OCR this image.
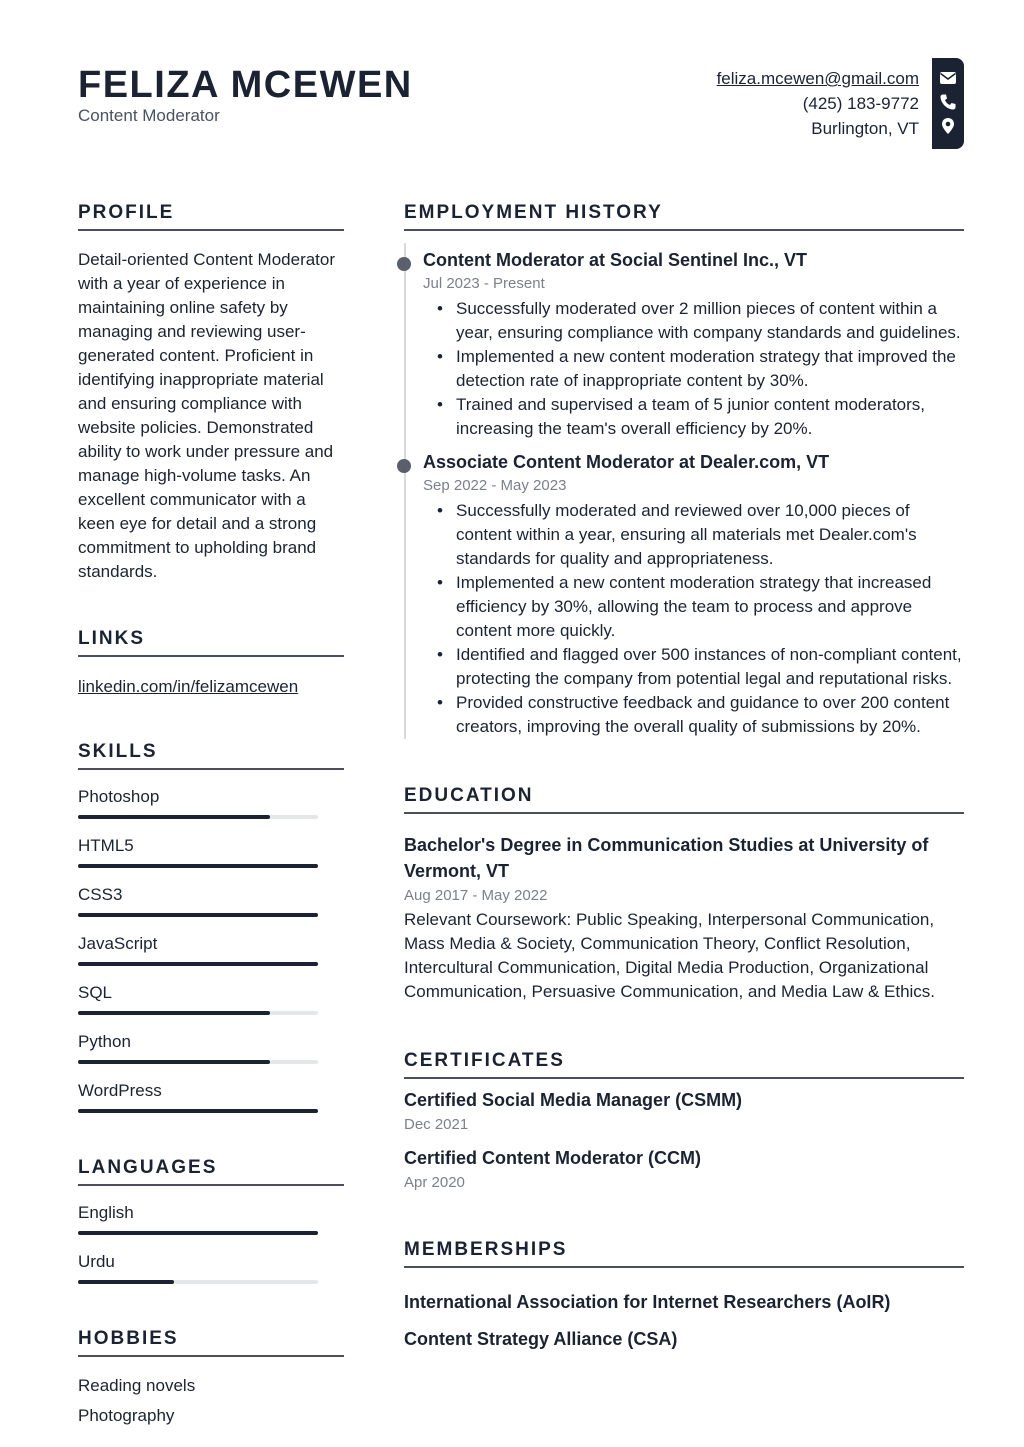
FELIZA MCEWEN
Content Moderator
feliza.mcewen@gmail.com
(425) 183-9772
Burlington, VT
PROFILE
Detail-oriented Content Moderator with a year of experience in maintaining online safety by managing and reviewing user-generated content. Proficient in identifying inappropriate material and ensuring compliance with website policies. Demonstrated ability to work under pressure and manage high-volume tasks. An excellent communicator with a keen eye for detail and a strong commitment to upholding brand standards.
LINKS
linkedin.com/in/felizamcewen
SKILLS
Photoshop
HTML5
CSS3
JavaScript
SQL
Python
WordPress
LANGUAGES
English
Urdu
HOBBIES
Reading novels
Photography
EMPLOYMENT HISTORY
Content Moderator at Social Sentinel Inc., VT
Jul 2023 - Present
• Successfully moderated over 2 million pieces of content within a year, ensuring compliance with company standards and guidelines.
• Implemented a new content moderation strategy that improved the detection rate of inappropriate content by 30%.
• Trained and supervised a team of 5 junior content moderators, increasing the team's overall efficiency by 20%.
Associate Content Moderator at Dealer.com, VT
Sep 2022 - May 2023
• Successfully moderated and reviewed over 10,000 pieces of content within a year, ensuring all materials met Dealer.com's standards for quality and appropriateness.
• Implemented a new content moderation strategy that increased efficiency by 30%, allowing the team to process and approve content more quickly.
• Identified and flagged over 500 instances of non-compliant content, protecting the company from potential legal and reputational risks.
• Provided constructive feedback and guidance to over 200 content creators, improving the overall quality of submissions by 20%.
EDUCATION
Bachelor's Degree in Communication Studies at University of Vermont, VT
Aug 2017 - May 2022
Relevant Coursework: Public Speaking, Interpersonal Communication, Mass Media & Society, Communication Theory, Conflict Resolution, Intercultural Communication, Digital Media Production, Organizational Communication, Persuasive Communication, and Media Law & Ethics.
CERTIFICATES
Certified Social Media Manager (CSMM)
Dec 2021
Certified Content Moderator (CCM)
Apr 2020
MEMBERSHIPS
International Association for Internet Researchers (AoIR)
Content Strategy Alliance (CSA)
